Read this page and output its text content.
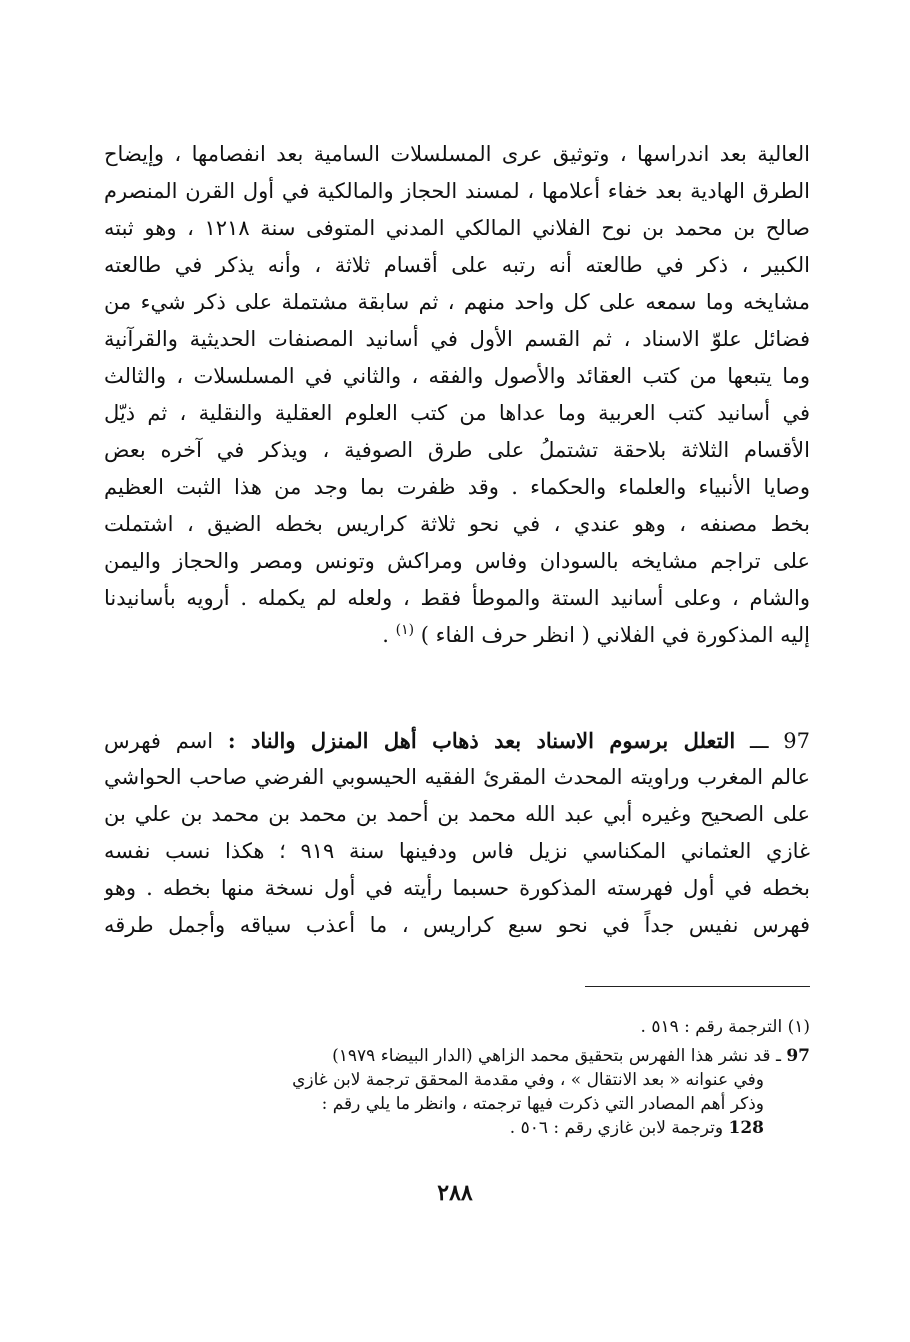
العالية بعد اندراسها ، وتوثيق عرى المسلسلات السامية بعد انفصامها ، وإيضاح
الطرق الهادية بعد خفاء أعلامها ، لمسند الحجاز والمالكية في أول القرن المنصرم
صالح بن محمد بن نوح الفلاني المالكي المدني المتوفى سنة ١٢١٨ ، وهو ثبته
الكبير ، ذكر في طالعته أنه رتبه على أقسام ثلاثة ، وأنه يذكر في طالعته
مشايخه وما سمعه على كل واحد منهم ، ثم سابقة مشتملة على ذكر شيء من
فضائل علوّ الاسناد ، ثم القسم الأول في أسانيد المصنفات الحديثية والقرآنية
وما يتبعها من كتب العقائد والأصول والفقه ، والثاني في المسلسلات ، والثالث
في أسانيد كتب العربية وما عداها من كتب العلوم العقلية والنقلية ، ثم ذيّل
الأقسام الثلاثة بلاحقة تشتملُ على طرق الصوفية ، ويذكر في آخره بعض
وصايا الأنبياء والعلماء والحكماء . وقد ظفرت بما وجد من هذا الثبت العظيم
بخط مصنفه ، وهو عندي ، في نحو ثلاثة كراريس بخطه الضيق ، اشتملت
على تراجم مشايخه بالسودان وفاس ومراكش وتونس ومصر والحجاز واليمن
والشام ، وعلى أسانيد الستة والموطأ فقط ، ولعله لم يكمله . أرويه بأسانيدنا
إليه المذكورة في الفلاني ( انظر حرف الفاء ) $^{(١)}$ .
97 ـــ التعلل برسوم الاسناد بعد ذهاب أهل المنزل والناد : اسم فهرس
عالم المغرب وراويته المحدث المقرئ الفقيه الحيسوبي الفرضي صاحب الحواشي
على الصحيح وغيره أبي عبد الله محمد بن أحمد بن محمد بن محمد بن علي بن
غازي العثماني المكناسي نزيل فاس ودفينها سنة ٩١٩ ؛ هكذا نسب نفسه
بخطه في أول فهرسته المذكورة حسبما رأيته في أول نسخة منها بخطه . وهو
فهرس نفيس جداً في نحو سبع كراريس ، ما أعذب سياقه وأجمل طرقه
(١) الترجمة رقم : ٥١٩ .
97 ـ قد نشر هذا الفهرس بتحقيق محمد الزاهي (الدار البيضاء ١٩٧٩)
وفي عنوانه « بعد الانتقال » ، وفي مقدمة المحقق ترجمة لابن غازي
وذكر أهم المصادر التي ذكرت فيها ترجمته ، وانظر ما يلي رقم :
128 وترجمة لابن غازي رقم : ٥٠٦ .
٢٨٨
